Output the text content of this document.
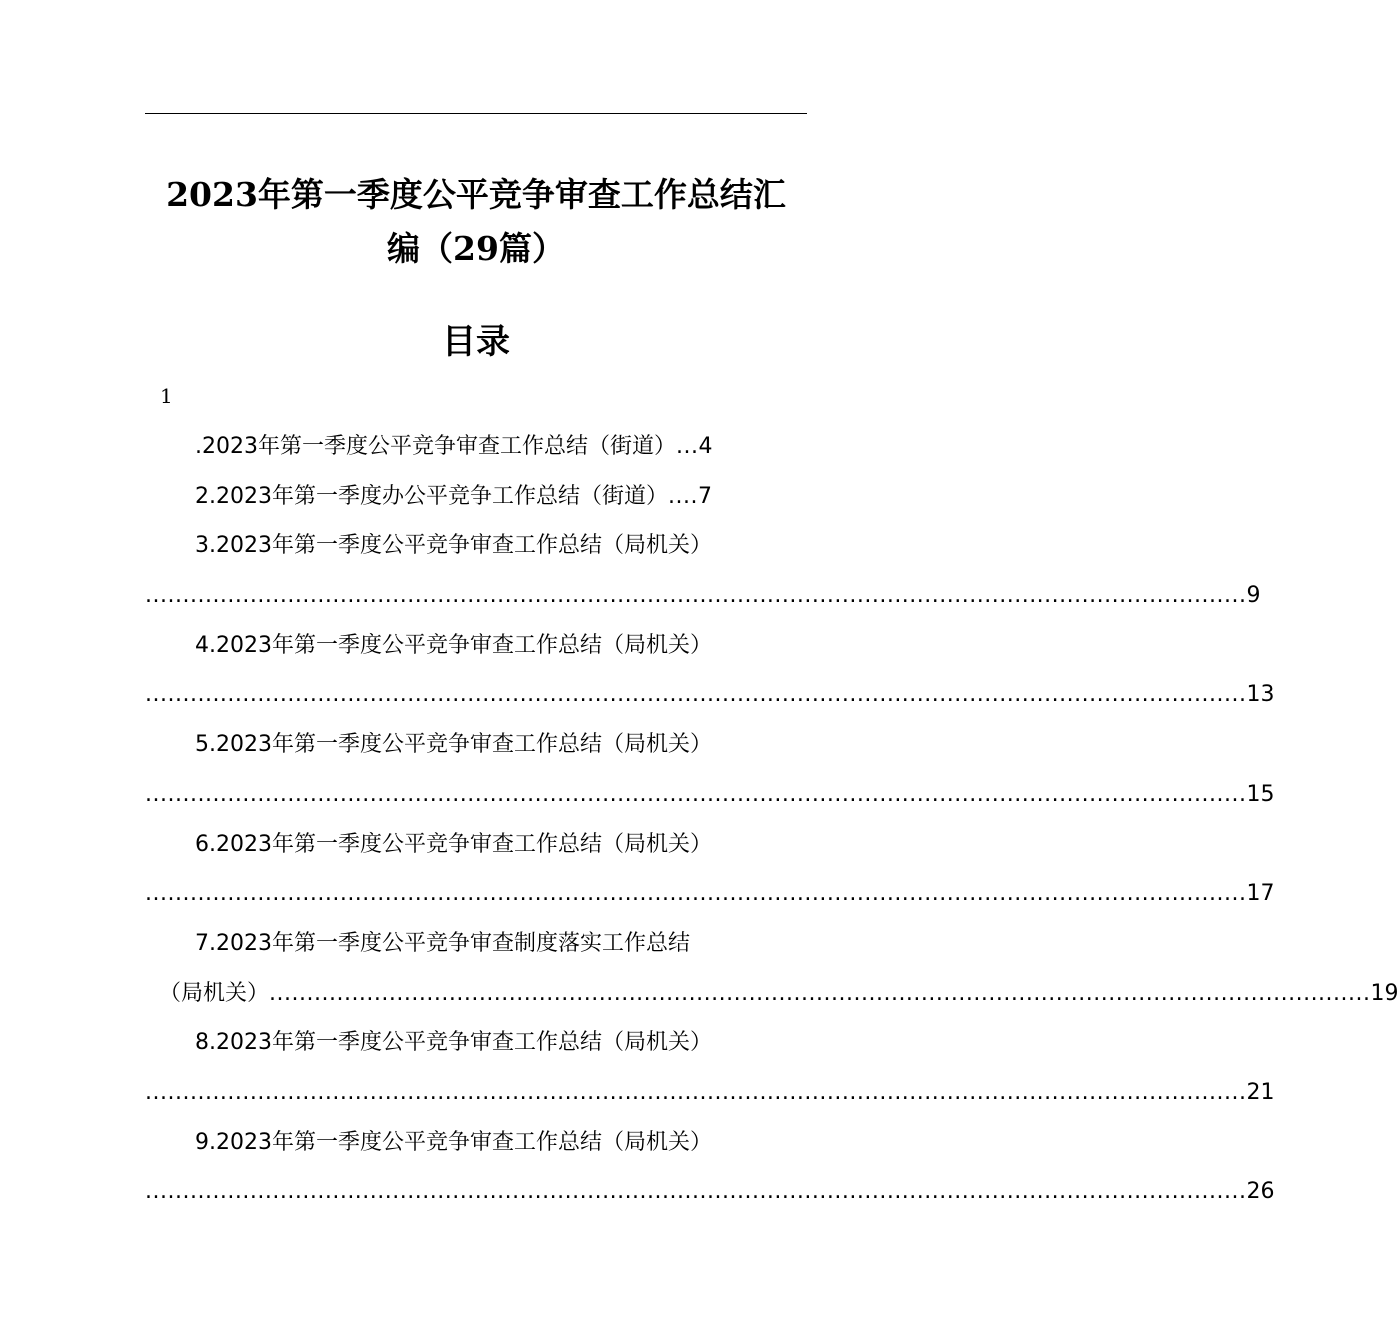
2023年第一季度公平竞争审查工作总结汇
编（29篇）
目录
1
.2023年第一季度公平竞争审查工作总结（街道） ... 4
2.2023年第一季度办公平竞争工作总结（街道） .... 7
3.2023年第一季度公平竞争审查工作总结（局机关）
................................................................................................................................................... 9
4.2023年第一季度公平竞争审查工作总结（局机关）
................................................................................................................................................... 13
5.2023年第一季度公平竞争审查工作总结（局机关）
................................................................................................................................................... 15
6.2023年第一季度公平竞争审查工作总结（局机关）
................................................................................................................................................... 17
7.2023年第一季度公平竞争审查制度落实工作总结
（局机关） ................................................................................................................................................... 19
8.2023年第一季度公平竞争审查工作总结（局机关）
................................................................................................................................................... 21
9.2023年第一季度公平竞争审查工作总结（局机关）
................................................................................................................................................... 26
